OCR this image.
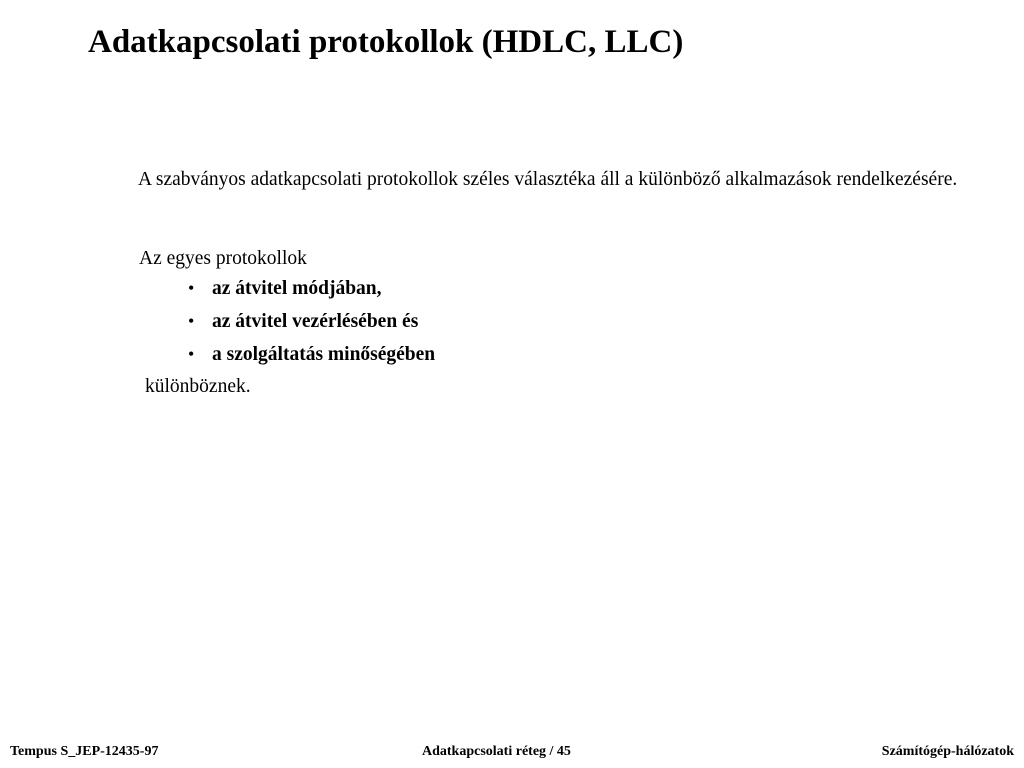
Adatkapcsolati protokollok (HDLC, LLC)
A szabványos adatkapcsolati protokollok széles választéka áll a különböző alkalmazások rendelkezésére.
Az egyes protokollok
• az átvitel módjában,
• az átvitel vezérlésében és
• a szolgáltatás minőségében
különböznek.
Tempus S_JEP-12435-97	Adatkapcsolati réteg / 45	Számítógép-hálózatok
